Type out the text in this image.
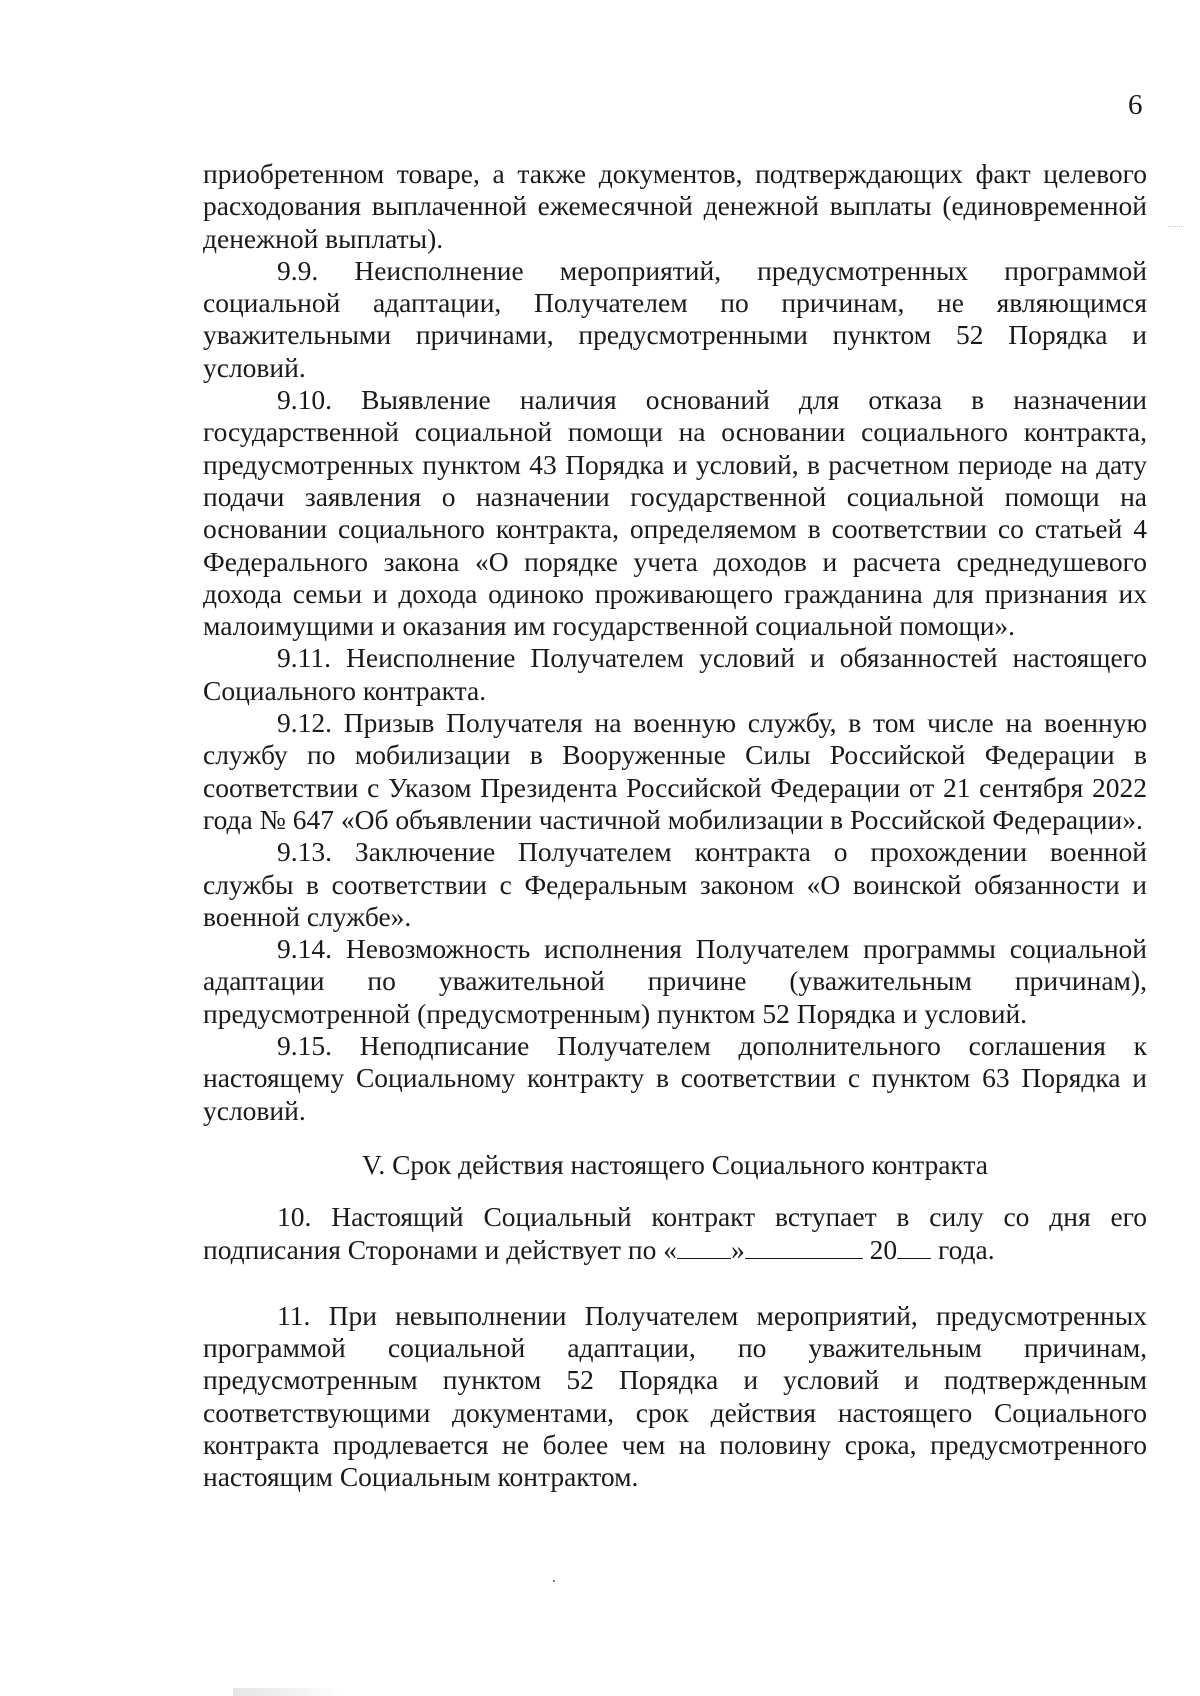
6

приобретенном товаре, а также документов, подтверждающих факт целевого расходования выплаченной ежемесячной денежной выплаты (единовременной денежной выплаты).

9.9. Неисполнение мероприятий, предусмотренных программой социальной адаптации, Получателем по причинам, не являющимся уважительными причинами, предусмотренными пунктом 52 Порядка и условий.

9.10. Выявление наличия оснований для отказа в назначении государственной социальной помощи на основании социального контракта, предусмотренных пунктом 43 Порядка и условий, в расчетном периоде на дату подачи заявления о назначении государственной социальной помощи на основании социального контракта, определяемом в соответствии со статьей 4 Федерального закона «О порядке учета доходов и расчета среднедушевого дохода семьи и дохода одиноко проживающего гражданина для признания их малоимущими и оказания им государственной социальной помощи».

9.11. Неисполнение Получателем условий и обязанностей настоящего Социального контракта.

9.12. Призыв Получателя на военную службу, в том числе на военную службу по мобилизации в Вооруженные Силы Российской Федерации в соответствии с Указом Президента Российской Федерации от 21 сентября 2022 года № 647 «Об объявлении частичной мобилизации в Российской Федерации».

9.13. Заключение Получателем контракта о прохождении военной службы в соответствии с Федеральным законом «О воинской обязанности и военной службе».

9.14. Невозможность исполнения Получателем программы социальной адаптации по уважительной причине (уважительным причинам), предусмотренной (предусмотренным) пунктом 52 Порядка и условий.

9.15. Неподписание Получателем дополнительного соглашения к настоящему Социальному контракту в соответствии с пунктом 63 Порядка и условий.

V. Срок действия настоящего Социального контракта

10. Настоящий Социальный контракт вступает в силу со дня его подписания Сторонами и действует по « »	20 года.

11. При невыполнении Получателем мероприятий, предусмотренных программой социальной адаптации, по уважительным причинам, предусмотренным пунктом 52 Порядка и условий и подтвержденным соответствующими документами, срок действия настоящего Социального контракта продлевается не более чем на половину срока, предусмотренного настоящим Социальным контрактом.
